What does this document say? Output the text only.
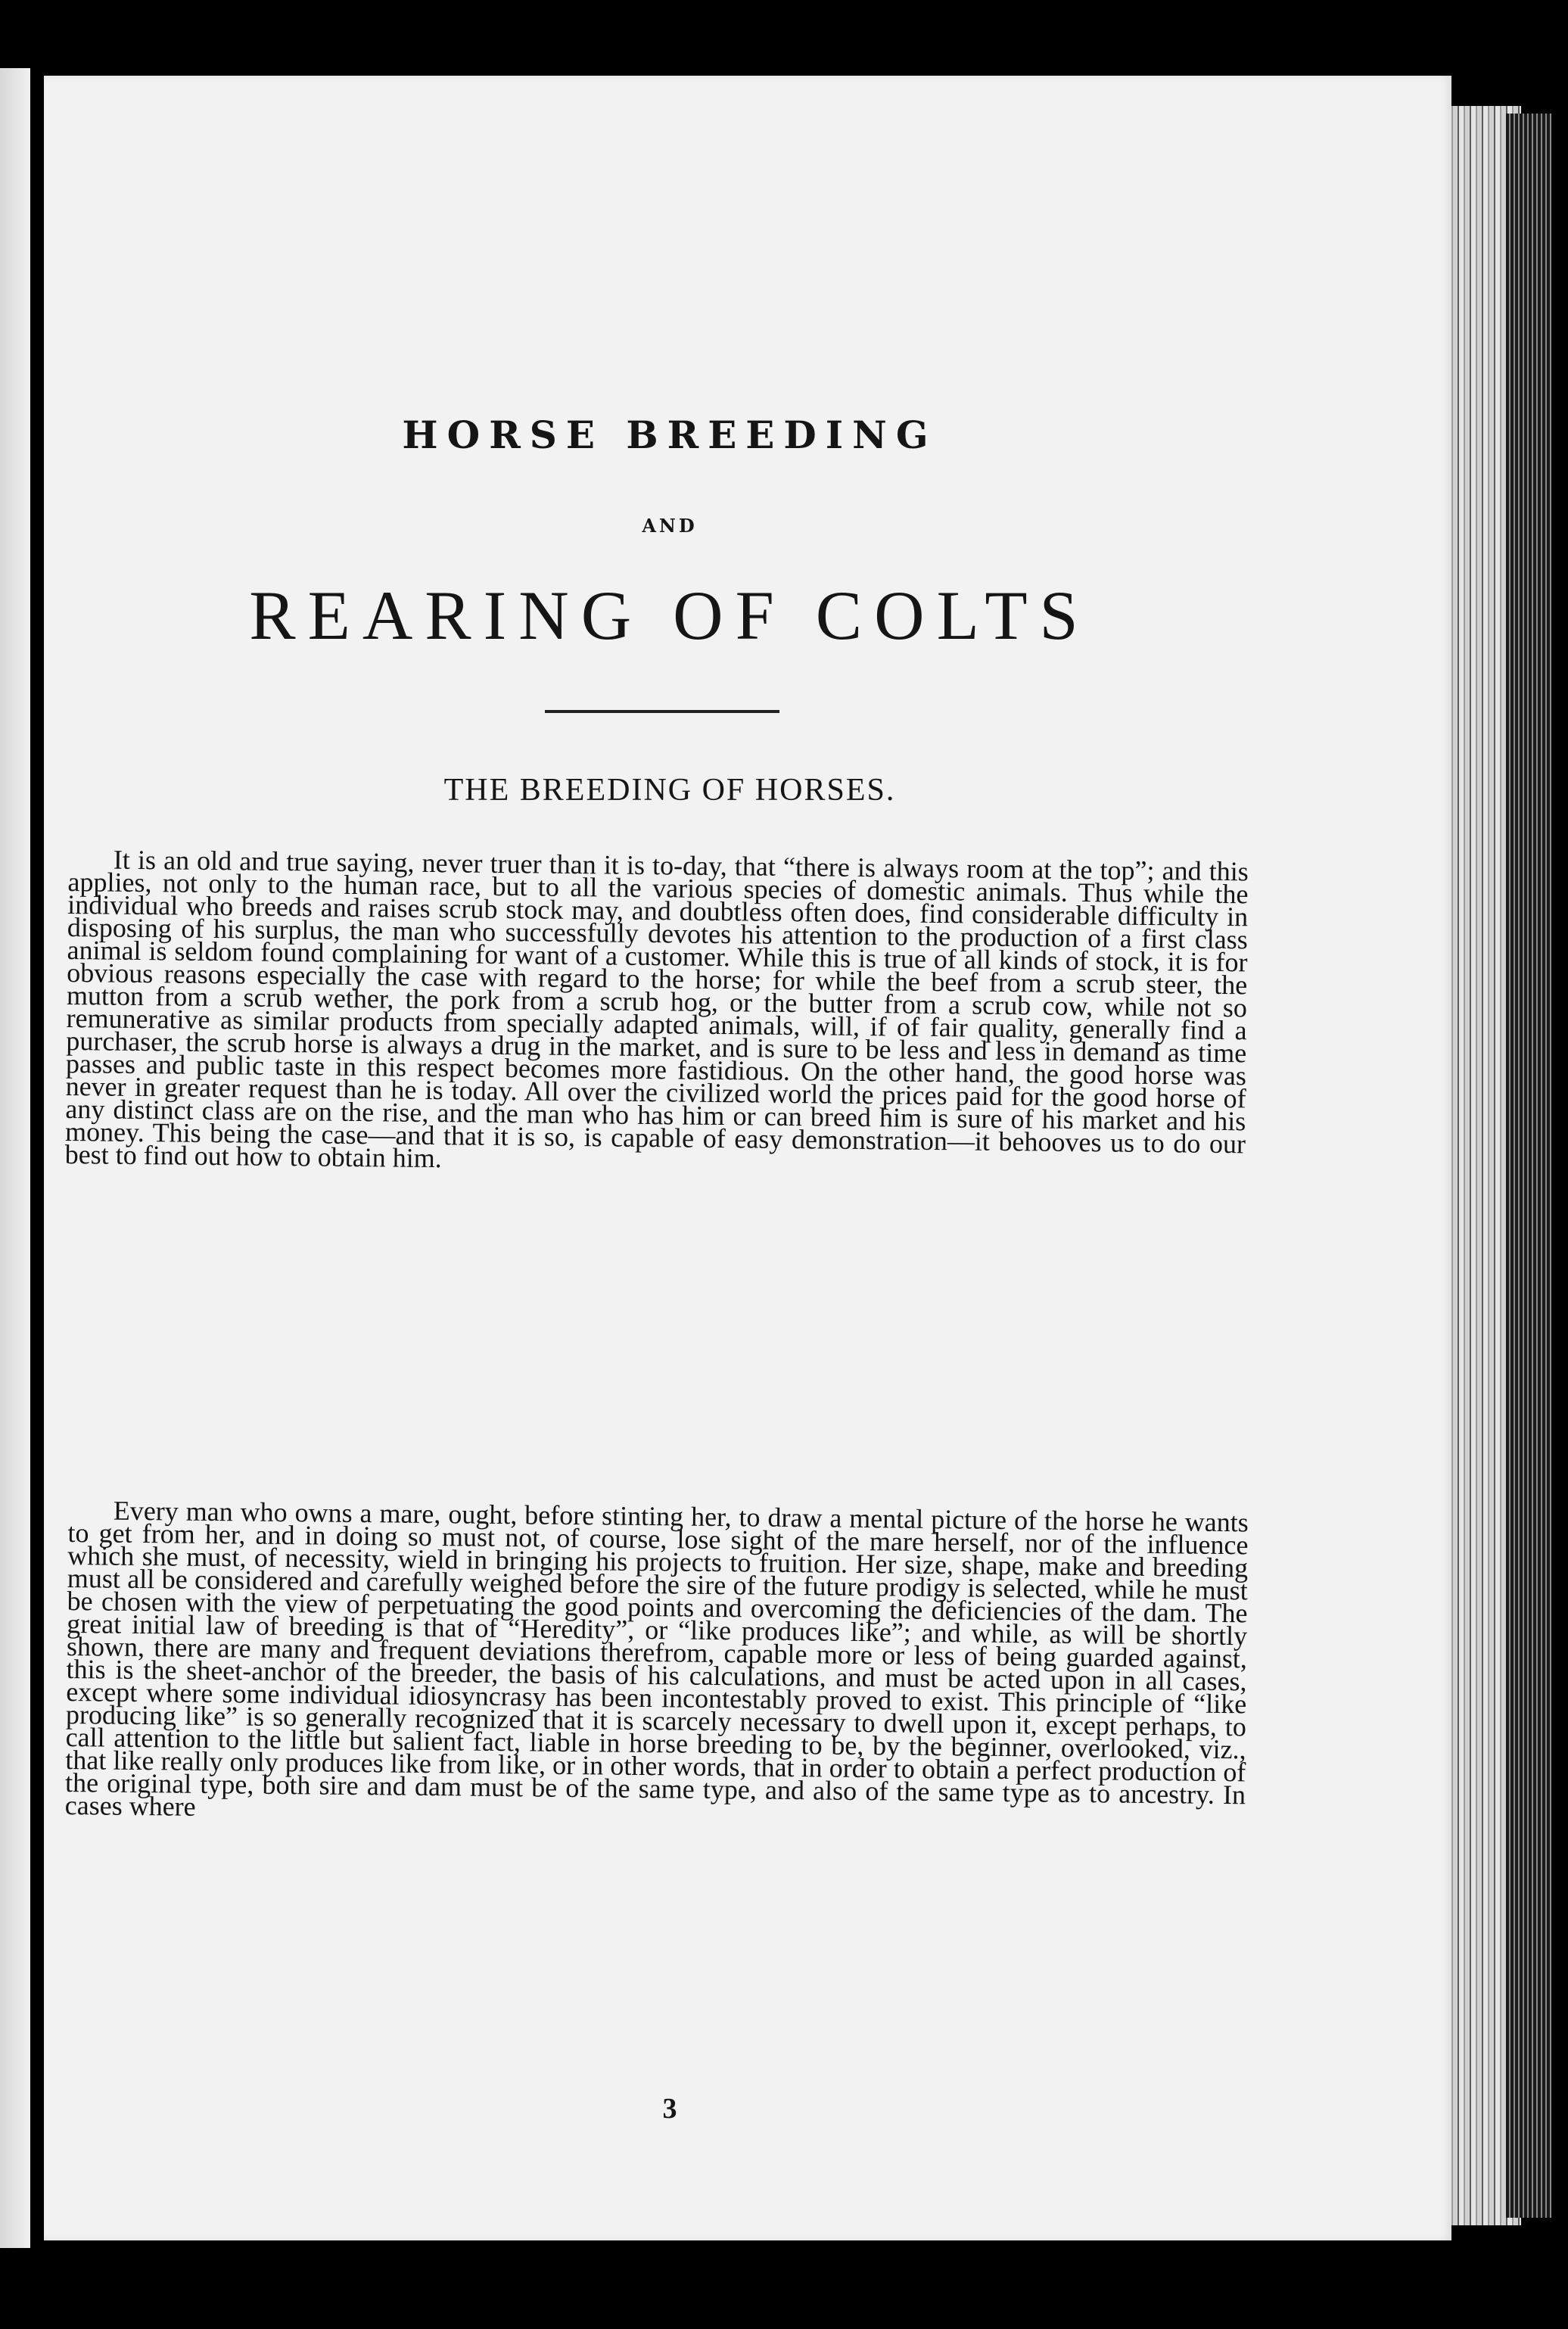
HORSE BREEDING
AND
REARING OF COLTS
THE BREEDING OF HORSES.

It is an old and true saying, never truer than it is to-day, that “there is always room at the top”; and this applies, not only to the human race, but to all the various species of domestic animals. Thus while the individual who breeds and raises scrub stock may, and doubtless often does, find considerable difficulty in disposing of his surplus, the man who successfully devotes his attention to the production of a first class animal is seldom found complaining for want of a customer. While this is true of all kinds of stock, it is for obvious reasons especially the case with regard to the horse; for while the beef from a scrub steer, the mutton from a scrub wether, the pork from a scrub hog, or the butter from a scrub cow, while not so remunerative as similar products from specially adapted animals, will, if of fair quality, generally find a purchaser, the scrub horse is always a drug in the market, and is sure to be less and less in demand as time passes and public taste in this respect becomes more fastidious. On the other hand, the good horse was never in greater request than he is today. All over the civilized world the prices paid for the good horse of any distinct class are on the rise, and the man who has him or can breed him is sure of his market and his money. This being the case—and that it is so, is capable of easy demonstration—it behooves us to do our best to find out how to obtain him.

Every man who owns a mare, ought, before stinting her, to draw a mental picture of the horse he wants to get from her, and in doing so must not, of course, lose sight of the mare herself, nor of the influence which she must, of necessity, wield in bringing his projects to fruition. Her size, shape, make and breeding must all be considered and carefully weighed before the sire of the future prodigy is selected, while he must be chosen with the view of perpetuating the good points and overcoming the deficiencies of the dam. The great initial law of breeding is that of “Heredity”, or “like produces like”; and while, as will be shortly shown, there are many and frequent deviations therefrom, capable more or less of being guarded against, this is the sheet-anchor of the breeder, the basis of his calculations, and must be acted upon in all cases, except where some individual idiosyncrasy has been incontestably proved to exist. This principle of “like producing like” is so generally recognized that it is scarcely necessary to dwell upon it, except perhaps, to call attention to the little but salient fact, liable in horse breeding to be, by the beginner, overlooked, viz., that like really only produces like from like, or in other words, that in order to obtain a perfect production of the original type, both sire and dam must be of the same type, and also of the same type as to ancestry. In cases where

3
